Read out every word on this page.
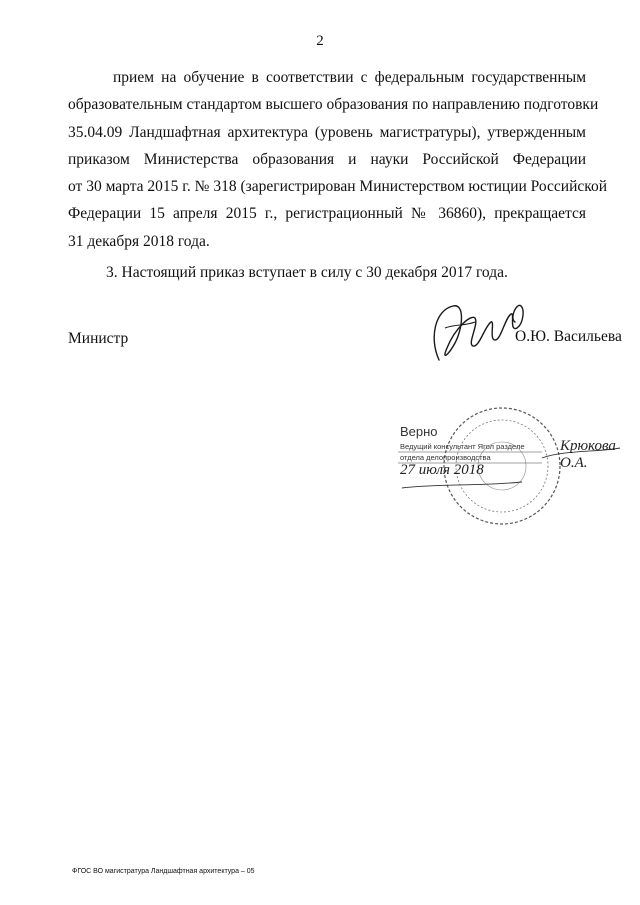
2
прием на обучение в соответствии с федеральным государственным
образовательным стандартом высшего образования по направлению подготовки
35.04.09 Ландшафтная архитектура (уровень магистратуры), утвержденным
приказом Министерства образования и науки Российской Федерации
от 30 марта 2015 г. № 318 (зарегистрирован Министерством юстиции Российской
Федерации 15 апреля 2015 г., регистрационный № 36860), прекращается
31 декабря 2018 года.
3. Настоящий приказ вступает в силу с 30 декабря 2017 года.
Министр	О.Ю. Васильева
Верно
Ведущий консультант Ягол разделе
отдела делопроизводства
Крюкова О.А.
27 июля 2018
ФГОС ВО магистратура Ландшафтная архитектура – 05
